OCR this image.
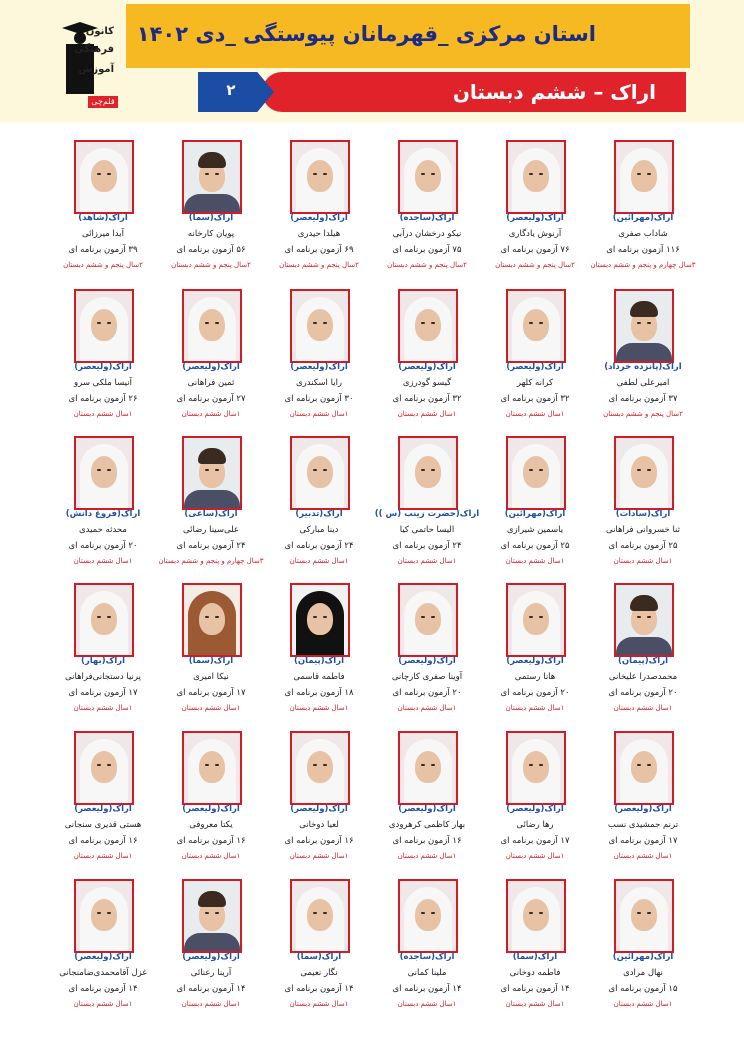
استان مرکزی _قهرمانان پیوستگی _دی ۱۴۰۲
اراک – ششم دبستان
۲
کانون
فرهنگی
آموزش
قلم‌چی
اراک(مهرآئین)
شاداب صفری
۱۱۶ آزمون برنامه ای
۳سال چهارم و پنجم و ششم دبستان
اراک(ولیعصر)
آرنوش یادگاری
۷۶ آزمون برنامه ای
۲سال پنجم و ششم دبستان
اراک(ساجده)
نیکو درخشان درآبی
۷۵ آزمون برنامه ای
۲سال پنجم و ششم دبستان
اراک(ولیعصر)
هیلدا حیدری
۶۹ آزمون برنامه ای
۲سال پنجم و ششم دبستان
اراک(سما)
پویان کارخانه‌
۵۶ آزمون برنامه ای
۲سال پنجم و ششم دبستان
اراک(شاهد)
آیدا میرزائی
۳۹ آزمون برنامه ای
۲سال پنجم و ششم دبستان
اراک(پانزده خرداد)
امیرعلی لطفی
۳۷ آزمون برنامه ای
۲سال پنجم و ششم دبستان
اراک(ولیعصر)
کرانه کلهر
۳۲ آزمون برنامه ای
۱سال ششم دبستان
اراک(ولیعصر)
گیسو گودرزی
۳۲ آزمون برنامه ای
۱سال ششم دبستان
اراک(ولیعصر)
رایا اسکندری
۳۰ آزمون برنامه ای
۱سال ششم دبستان
اراک(ولیعصر)
ثمین فراهانی
۲۷ آزمون برنامه ای
۱سال ششم دبستان
اراک(ولیعصر)
آنیسا ملکی سرو
۲۶ آزمون برنامه ای
۱سال ششم دبستان
اراک(سادات)
ثنا خسروانی فراهانی
۲۵ آزمون برنامه ای
۱سال ششم دبستان
اراک(مهرآئین)
یاسمین شیرازی
۲۵ آزمون برنامه ای
۱سال ششم دبستان
اراک(حضرت زینب (س ))
الیسا حاتمی کیا
۲۴ آزمون برنامه ای
۱سال ششم دبستان
اراک(تدبیر)
دینا مبارکی
۲۴ آزمون برنامه ای
۱سال ششم دبستان
اراک(ساعی)
علی‌سینا رضائی
۲۴ آزمون برنامه ای
۳سال چهارم و پنجم و ششم دبستان
اراک(فروغ دانش)
محدثه حمیدی
۲۰ آزمون برنامه ای
۱سال ششم دبستان
اراک(پیمان)
محمدصدرا علیخانی
۲۰ آزمون برنامه ای
۱سال ششم دبستان
اراک(ولیعصر)
هانا رستمی
۲۰ آزمون برنامه ای
۱سال ششم دبستان
اراک(ولیعصر)
آوینا صفری کارچانی
۲۰ آزمون برنامه ای
۱سال ششم دبستان
اراک(پیمان)
فاطمه قاسمی
۱۸ آزمون برنامه ای
۱سال ششم دبستان
اراک(سما)
نیکا امیری
۱۷ آزمون برنامه ای
۱سال ششم دبستان
اراک(بهار)
پرنیا دستجانی‌فراهانی
۱۷ آزمون برنامه ای
۱سال ششم دبستان
اراک(ولیعصر)
ترنم جمشیدی نسب
۱۷ آزمون برنامه ای
۱سال ششم دبستان
اراک(ولیعصر)
رها رضائی
۱۷ آزمون برنامه ای
۱سال ششم دبستان
اراک(ولیعصر)
بهار کاظمی کرهرودی
۱۶ آزمون برنامه ای
۱سال ششم دبستان
اراک(ولیعصر)
لعیا دوخانی
۱۶ آزمون برنامه ای
۱سال ششم دبستان
اراک(ولیعصر)
یکتا معروفی
۱۶ آزمون برنامه ای
۱سال ششم دبستان
اراک(ولیعصر)
هستی قدیری سنجانی
۱۶ آزمون برنامه ای
۱سال ششم دبستان
اراک(مهرآئین)
نهال مرادی
۱۵ آزمون برنامه ای
۱سال ششم دبستان
اراک(سما)
فاطمه دوخانی
۱۴ آزمون برنامه ای
۱سال ششم دبستان
اراک(ساجده)
ملینا کمانی
۱۴ آزمون برنامه ای
۱سال ششم دبستان
اراک(سما)
نگار نعیمی
۱۴ آزمون برنامه ای
۱سال ششم دبستان
اراک(ولیعصر)
آرینا رعنائی
۱۴ آزمون برنامه ای
۱سال ششم دبستان
اراک(ولیعصر)
غزل آقامحمدی‌ضامنجانی
۱۴ آزمون برنامه ای
۱سال ششم دبستان
